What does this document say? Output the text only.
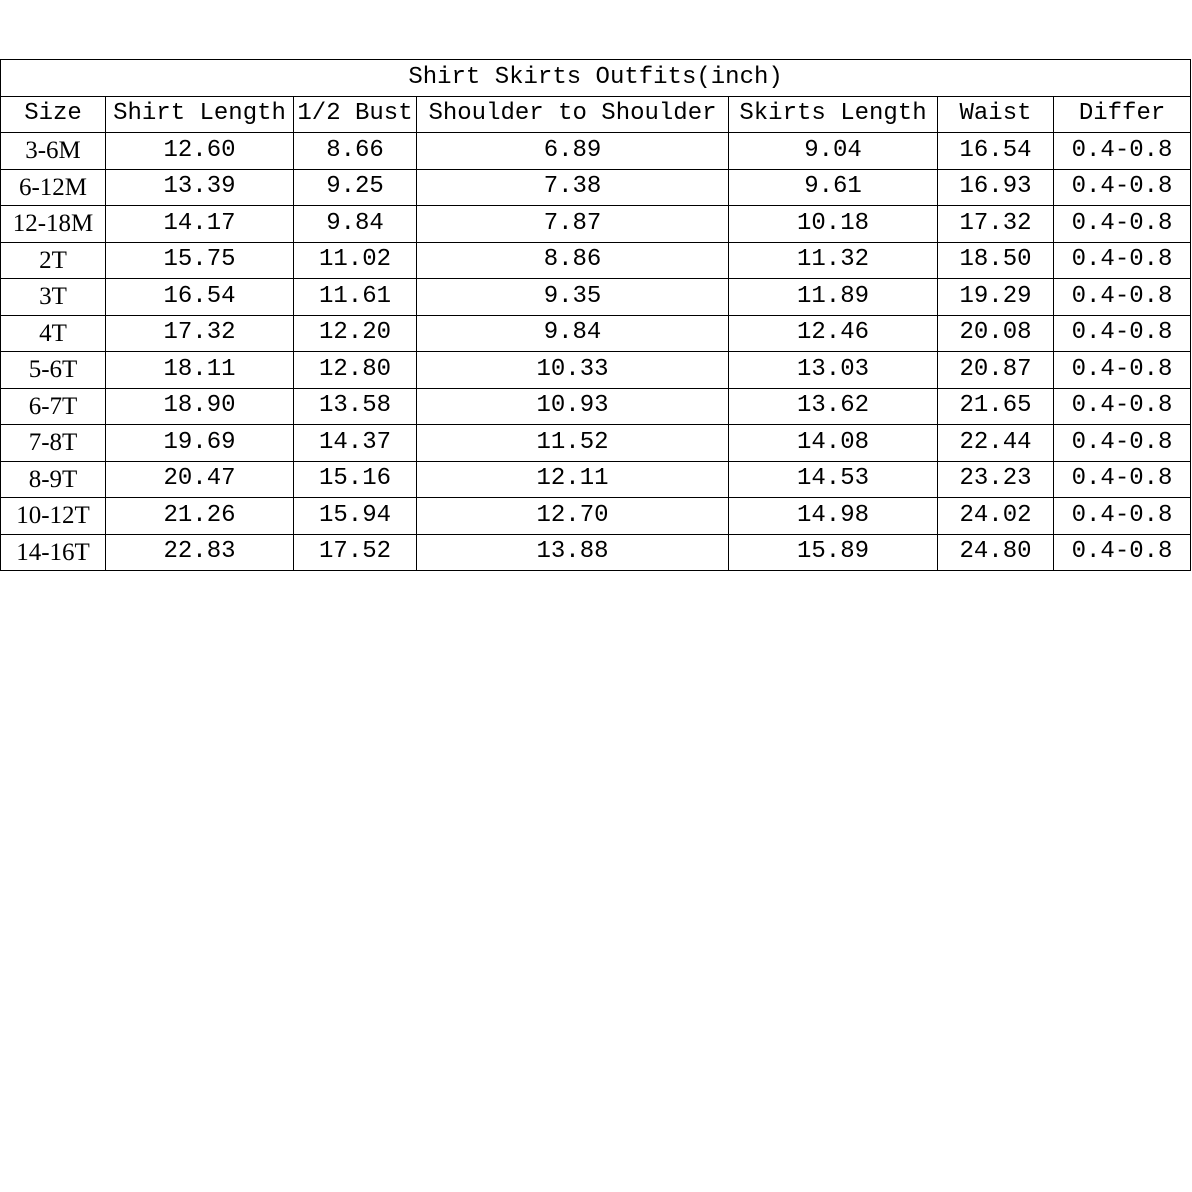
Shirt Skirts Outfits(inch)						
Size	Shirt Length	1/2 Bust	Shoulder to Shoulder	Skirts Length	Waist	Differ
3-6M	12.60	8.66	6.89	9.04	16.54	0.4-0.8
6-12M	13.39	9.25	7.38	9.61	16.93	0.4-0.8
12-18M	14.17	9.84	7.87	10.18	17.32	0.4-0.8
2T	15.75	11.02	8.86	11.32	18.50	0.4-0.8
3T	16.54	11.61	9.35	11.89	19.29	0.4-0.8
4T	17.32	12.20	9.84	12.46	20.08	0.4-0.8
5-6T	18.11	12.80	10.33	13.03	20.87	0.4-0.8
6-7T	18.90	13.58	10.93	13.62	21.65	0.4-0.8
7-8T	19.69	14.37	11.52	14.08	22.44	0.4-0.8
8-9T	20.47	15.16	12.11	14.53	23.23	0.4-0.8
10-12T	21.26	15.94	12.70	14.98	24.02	0.4-0.8
14-16T	22.83	17.52	13.88	15.89	24.80	0.4-0.8
